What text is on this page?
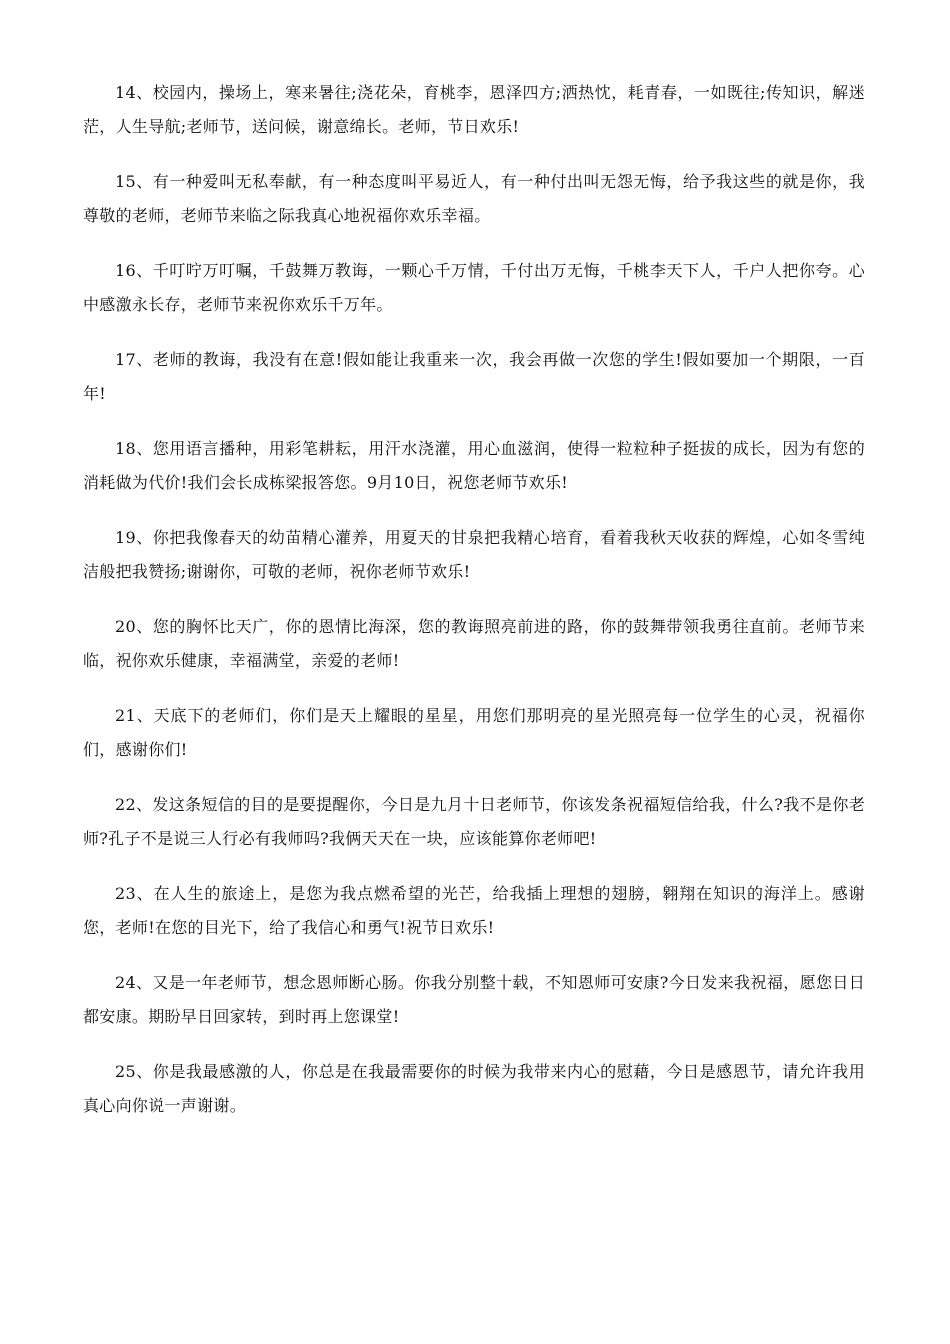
14、校园内，操场上，寒来暑往;浇花朵，育桃李，恩泽四方;洒热忱，耗青春，一如既往;传知识，解迷茫，人生导航;老师节，送问候，谢意绵长。老师，节日欢乐!

15、有一种爱叫无私奉献，有一种态度叫平易近人，有一种付出叫无怨无悔，给予我这些的就是你，我尊敬的老师，老师节来临之际我真心地祝福你欢乐幸福。

16、千叮咛万叮嘱，千鼓舞万教诲，一颗心千万情，千付出万无悔，千桃李天下人，千户人把你夸。心中感激永长存，老师节来祝你欢乐千万年。

17、老师的教诲，我没有在意!假如能让我重来一次，我会再做一次您的学生!假如要加一个期限，一百年!

18、您用语言播种，用彩笔耕耘，用汗水浇灌，用心血滋润，使得一粒粒种子挺拔的成长，因为有您的消耗做为代价!我们会长成栋梁报答您。9月10日，祝您老师节欢乐!

19、你把我像春天的幼苗精心灌养，用夏天的甘泉把我精心培育，看着我秋天收获的辉煌，心如冬雪纯洁般把我赞扬;谢谢你，可敬的老师，祝你老师节欢乐!

20、您的胸怀比天广，你的恩情比海深，您的教诲照亮前进的路，你的鼓舞带领我勇往直前。老师节来临，祝你欢乐健康，幸福满堂，亲爱的老师!

21、天底下的老师们，你们是天上耀眼的星星，用您们那明亮的星光照亮每一位学生的心灵，祝福你们，感谢你们!

22、发这条短信的目的是要提醒你，今日是九月十日老师节，你该发条祝福短信给我，什么?我不是你老师?孔子不是说三人行必有我师吗?我俩天天在一块，应该能算你老师吧!

23、在人生的旅途上，是您为我点燃希望的光芒，给我插上理想的翅膀，翱翔在知识的海洋上。感谢您，老师!在您的目光下，给了我信心和勇气!祝节日欢乐!

24、又是一年老师节，想念恩师断心肠。你我分别整十载，不知恩师可安康?今日发来我祝福，愿您日日都安康。期盼早日回家转，到时再上您课堂!

25、你是我最感激的人，你总是在我最需要你的时候为我带来内心的慰藉，今日是感恩节，请允许我用真心向你说一声谢谢。
